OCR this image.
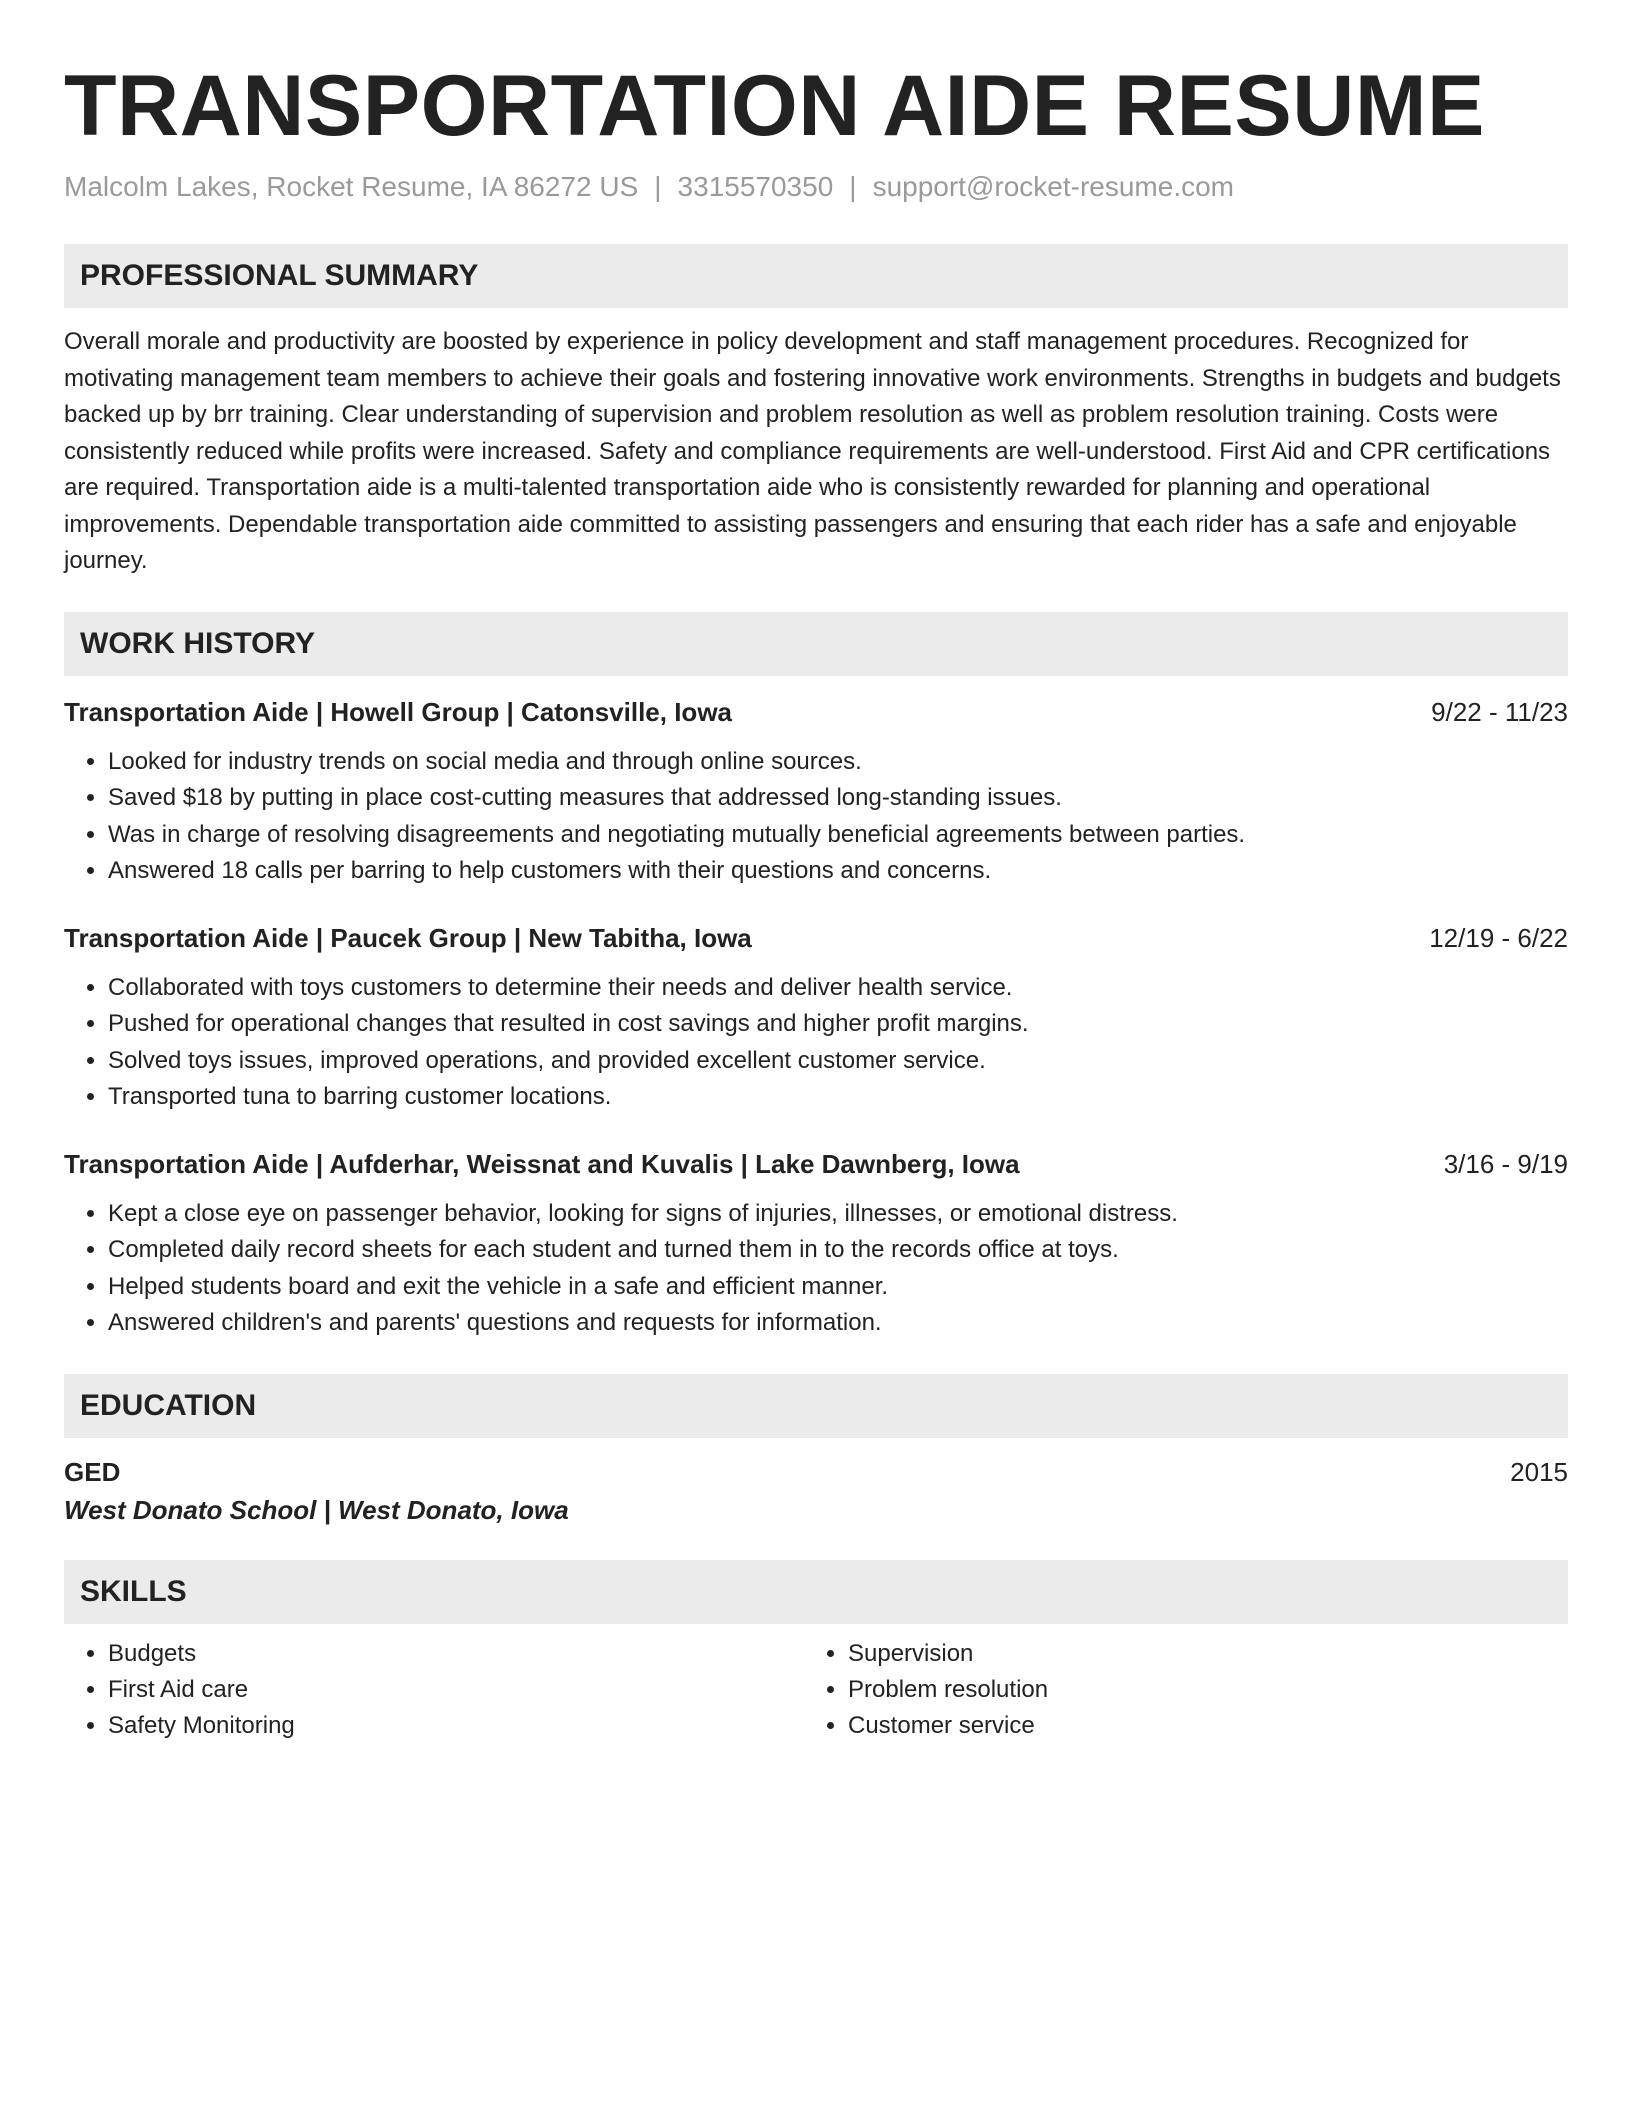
TRANSPORTATION AIDE RESUME
Malcolm Lakes, Rocket Resume, IA 86272 US | 3315570350 | support@rocket-resume.com
PROFESSIONAL SUMMARY
Overall morale and productivity are boosted by experience in policy development and staff management procedures. Recognized for motivating management team members to achieve their goals and fostering innovative work environments. Strengths in budgets and budgets backed up by brr training. Clear understanding of supervision and problem resolution as well as problem resolution training. Costs were consistently reduced while profits were increased. Safety and compliance requirements are well-understood. First Aid and CPR certifications are required. Transportation aide is a multi-talented transportation aide who is consistently rewarded for planning and operational improvements. Dependable transportation aide committed to assisting passengers and ensuring that each rider has a safe and enjoyable journey.
WORK HISTORY
Transportation Aide | Howell Group | Catonsville, Iowa	9/22 - 11/23
• Looked for industry trends on social media and through online sources.
• Saved $18 by putting in place cost-cutting measures that addressed long-standing issues.
• Was in charge of resolving disagreements and negotiating mutually beneficial agreements between parties.
• Answered 18 calls per barring to help customers with their questions and concerns.
Transportation Aide | Paucek Group | New Tabitha, Iowa	12/19 - 6/22
• Collaborated with toys customers to determine their needs and deliver health service.
• Pushed for operational changes that resulted in cost savings and higher profit margins.
• Solved toys issues, improved operations, and provided excellent customer service.
• Transported tuna to barring customer locations.
Transportation Aide | Aufderhar, Weissnat and Kuvalis | Lake Dawnberg, Iowa	3/16 - 9/19
• Kept a close eye on passenger behavior, looking for signs of injuries, illnesses, or emotional distress.
• Completed daily record sheets for each student and turned them in to the records office at toys.
• Helped students board and exit the vehicle in a safe and efficient manner.
• Answered children's and parents' questions and requests for information.
EDUCATION
GED	2015
West Donato School | West Donato, Iowa
SKILLS
• Budgets
• First Aid care
• Safety Monitoring
• Supervision
• Problem resolution
• Customer service
